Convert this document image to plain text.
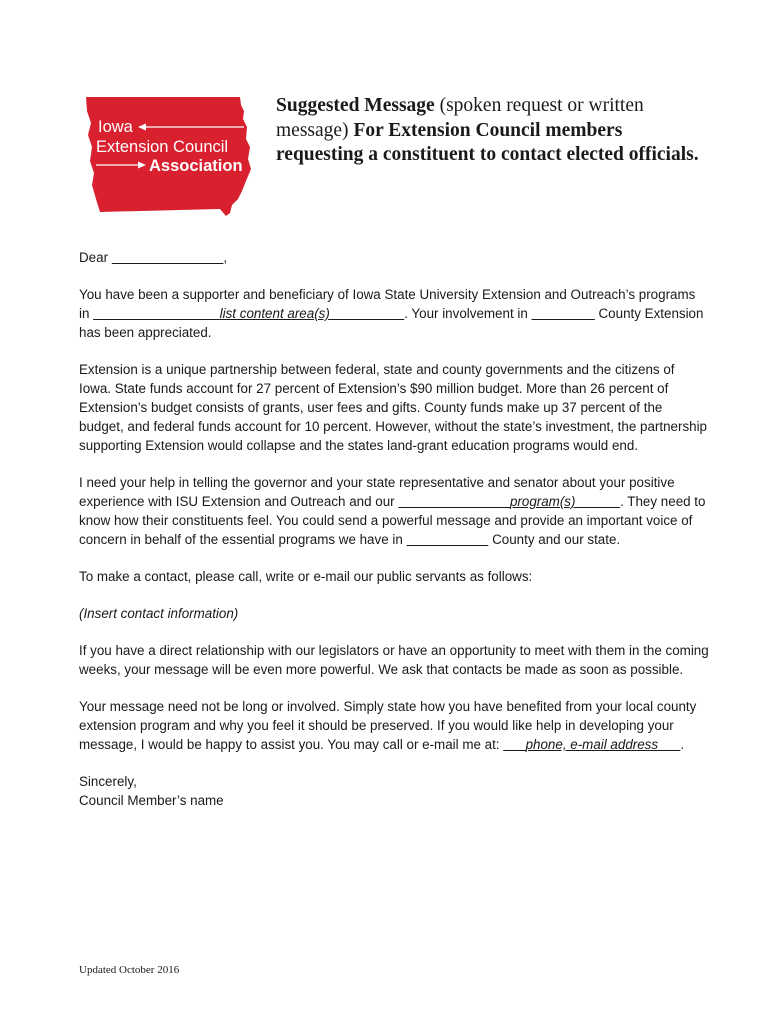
Iowa
Extension Council
Association
Suggested Message (spoken request or written message) For Extension Council members requesting a constituent to contact elected officials.

Dear	,

You have been a supporter and beneficiary of Iowa State University Extension and Outreach’s programs in	list content area(s)	. Your involvement in	County Extension has been appreciated.

Extension is a unique partnership between federal, state and county governments and the citizens of Iowa. State funds account for 27 percent of Extension’s $90 million budget. More than 26 percent of Extension’s budget consists of grants, user fees and gifts. County funds make up 37 percent of the budget, and federal funds account for 10 percent. However, without the state’s investment, the partnership supporting Extension would collapse and the states land-grant education programs would end.

I need your help in telling the governor and your state representative and senator about your positive experience with ISU Extension and Outreach and our	program(s)	. They need to know how their constituents feel. You could send a powerful message and provide an important voice of concern in behalf of the essential programs we have in	County and our state.

To make a contact, please call, write or e-mail our public servants as follows:

(Insert contact information)

If you have a direct relationship with our legislators or have an opportunity to meet with them in the coming weeks, your message will be even more powerful. We ask that contacts be made as soon as possible.

Your message need not be long or involved. Simply state how you have benefited from your local county extension program and why you feel it should be preserved. If you would like help in developing your message, I would be happy to assist you. You may call or e-mail me at:       phone, e-mail address .

Sincerely,

Council Member’s name

Updated October 2016
